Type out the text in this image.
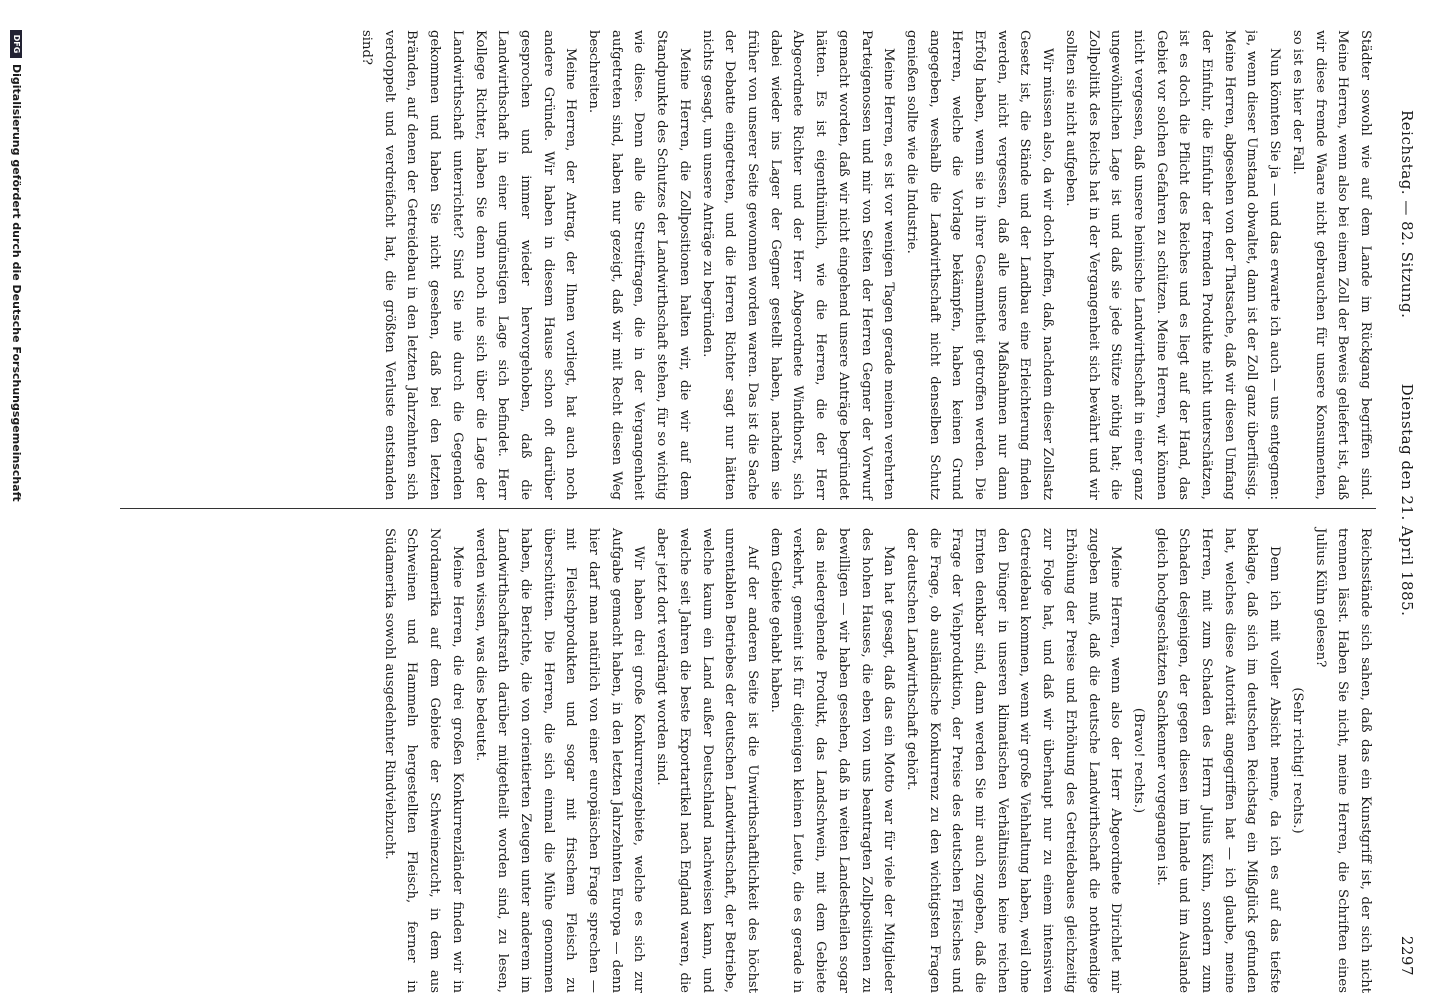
Reichstag. — 82. Sitzung.
Dienstag den 21. April 1885.
2297

Städter sowohl wie auf dem Lande im Rückgang begriffen sind. Meine Herren, wenn also bei einem Zoll der Beweis geliefert ist, daß wir diese fremde Waare nicht gebrauchen für unsere Konsumenten, so ist es hier der Fall.

Nun könnten Sie ja — und das erwarte ich auch — uns entgegnen: ja, wenn dieser Umstand obwaltet, dann ist der Zoll ganz überflüssig. Meine Herren, abgesehen von der Thatsache, daß wir diesen Umfang der Einfuhr, die Einfuhr der fremden Produkte nicht unterschätzen, ist es doch die Pflicht des Reiches und es liegt auf der Hand, das Gebiet vor solchen Gefahren zu schützen. Meine Herren, wir können nicht vergessen, daß unsere heimische Landwirthschaft in einer ganz ungewöhnlichen Lage ist und daß sie jede Stütze nöthig hat; die Zollpolitik des Reichs hat in der Vergangenheit sich bewährt und wir sollten sie nicht aufgeben.

Wir müssen also, da wir doch hoffen, daß, nachdem dieser Zollsatz Gesetz ist, die Stände und der Landbau eine Erleichterung finden werden, nicht vergessen, daß alle unsere Maßnahmen nur dann Erfolg haben, wenn sie in ihrer Gesammtheit getroffen werden. Die Herren, welche die Vorlage bekämpfen, haben keinen Grund angegeben, weshalb die Landwirthschaft nicht denselben Schutz genießen sollte wie die Industrie.

Meine Herren, es ist vor wenigen Tagen gerade meinen verehrten Parteigenossen und mir von Seiten der Herren Gegner der Vorwurf gemacht worden, daß wir nicht eingehend unsere Anträge begründet hätten. Es ist eigenthümlich, wie die Herren, die der Herr Abgeordnete Richter und der Herr Abgeordnete Windthorst, sich dabei wieder ins Lager der Gegner gestellt haben, nachdem sie früher von unserer Seite gewonnen worden waren. Das ist die Sache der Debatte eingetreten, und die Herren Richter sagt nur hätten nichts gesagt, um unsere Anträge zu begründen.

Meine Herren, die Zollpositionen halten wir, die wir auf dem Standpunkte des Schutzes der Landwirthschaft stehen, für so wichtig wie diese. Denn alle die Streitfragen, die in der Vergangenheit aufgetreten sind, haben nur gezeigt, daß wir mit Recht diesen Weg beschreiten.

Meine Herren, der Antrag, der Ihnen vorliegt, hat auch noch andere Gründe. Wir haben in diesem Hause schon oft darüber gesprochen und immer wieder hervorgehoben, daß die Landwirthschaft in einer ungünstigen Lage sich befindet. Herr Kollege Richter, haben Sie denn noch nie sich über die Lage der Landwirthschaft unterrichtet? Sind Sie nie durch die Gegenden gekommen und haben Sie nicht gesehen, daß bei den letzten Bränden, auf denen der Getreidebau in den letzten Jahrzehnten sich verdoppelt und verdreifacht hat, die größten Verluste entstanden sind?

Reichsstände sich sahen, daß das ein Kunstgriff ist, der sich nicht trennen lässt. Haben Sie nicht, meine Herren, die Schriften eines Julius Kühn gelesen?

(Sehr richtig! rechts.)

Denn ich mit voller Absicht nenne, da ich es auf das tiefste beklage, daß sich im deutschen Reichstag ein Mißglück gefunden hat, welches diese Autorität angegriffen hat — ich glaube, meine Herren, mit zum Schaden des Herrn Julius Kühn, sondern zum Schaden desjenigen, der gegen diesen im Inlande und im Auslande gleich hochgeschätzten Sachkenner vorgegangen ist.

(Bravo! rechts.)

Meine Herren, wenn also der Herr Abgeordnete Dirichlet mir zugeben muß, daß die deutsche Landwirthschaft die nothwendige Erhöhung der Preise und Erhöhung des Getreidebaues gleichzeitig zur Folge hat, und daß wir überhaupt nur zu einem intensiven Getreidebau kommen, wenn wir große Viehhaltung haben, weil ohne den Dünger in unseren klimatischen Verhältnissen keine reichen Ernten denkbar sind, dann werden Sie mir auch zugeben, daß die Frage der Viehproduktion, der Preise des deutschen Fleisches und die Frage, ob ausländische Konkurrenz zu den wichtigsten Fragen der deutschen Landwirthschaft gehört.

Man hat gesagt, daß das ein Motto war für viele der Mitglieder des hohen Hauses, die eben von uns beantragten Zollpositionen zu bewilligen — wir haben gesehen, daß in weiten Landestheilen sogar das niedergehende Produkt, das Landschwein, mit dem Gebiete verkehrt, gemeint ist für diejenigen kleinen Leute, die es gerade in dem Gebiete gehabt haben.

Auf der anderen Seite ist die Unwirthschaftlichkeit des höchst unrentablen Betriebes der deutschen Landwirthschaft, der Betriebe, welche kaum ein Land außer Deutschland nachweisen kann, und welche seit Jahren die beste Exportartikel nach England waren, die aber jetzt dort verdrängt worden sind.

Wir haben drei große Konkurrenzgebiete, welche es sich zur Aufgabe gemacht haben, in den letzten Jahrzehnten Europa — denn hier darf man natürlich von einer europäischen Frage sprechen — mit Fleischprodukten und sogar mit frischem Fleisch zu überschütten. Die Herren, die sich einmal die Mühe genommen haben, die Berichte, die von orientierten Zeugen unter anderem im Landwirthschaftsrath darüber mitgetheilt worden sind, zu lesen, werden wissen, was dies bedeutet.

Meine Herren, die drei großen Konkurrenzländer finden wir in Nordamerika auf dem Gebiete der Schweinezucht, in dem aus Schweinen und Hammeln hergestellten Fleisch, ferner in Südamerika sowohl ausgedehnter Rindviehzucht.

DFG
Digitalisierung gefördert durch die Deutsche Forschungsgemeinschaft
